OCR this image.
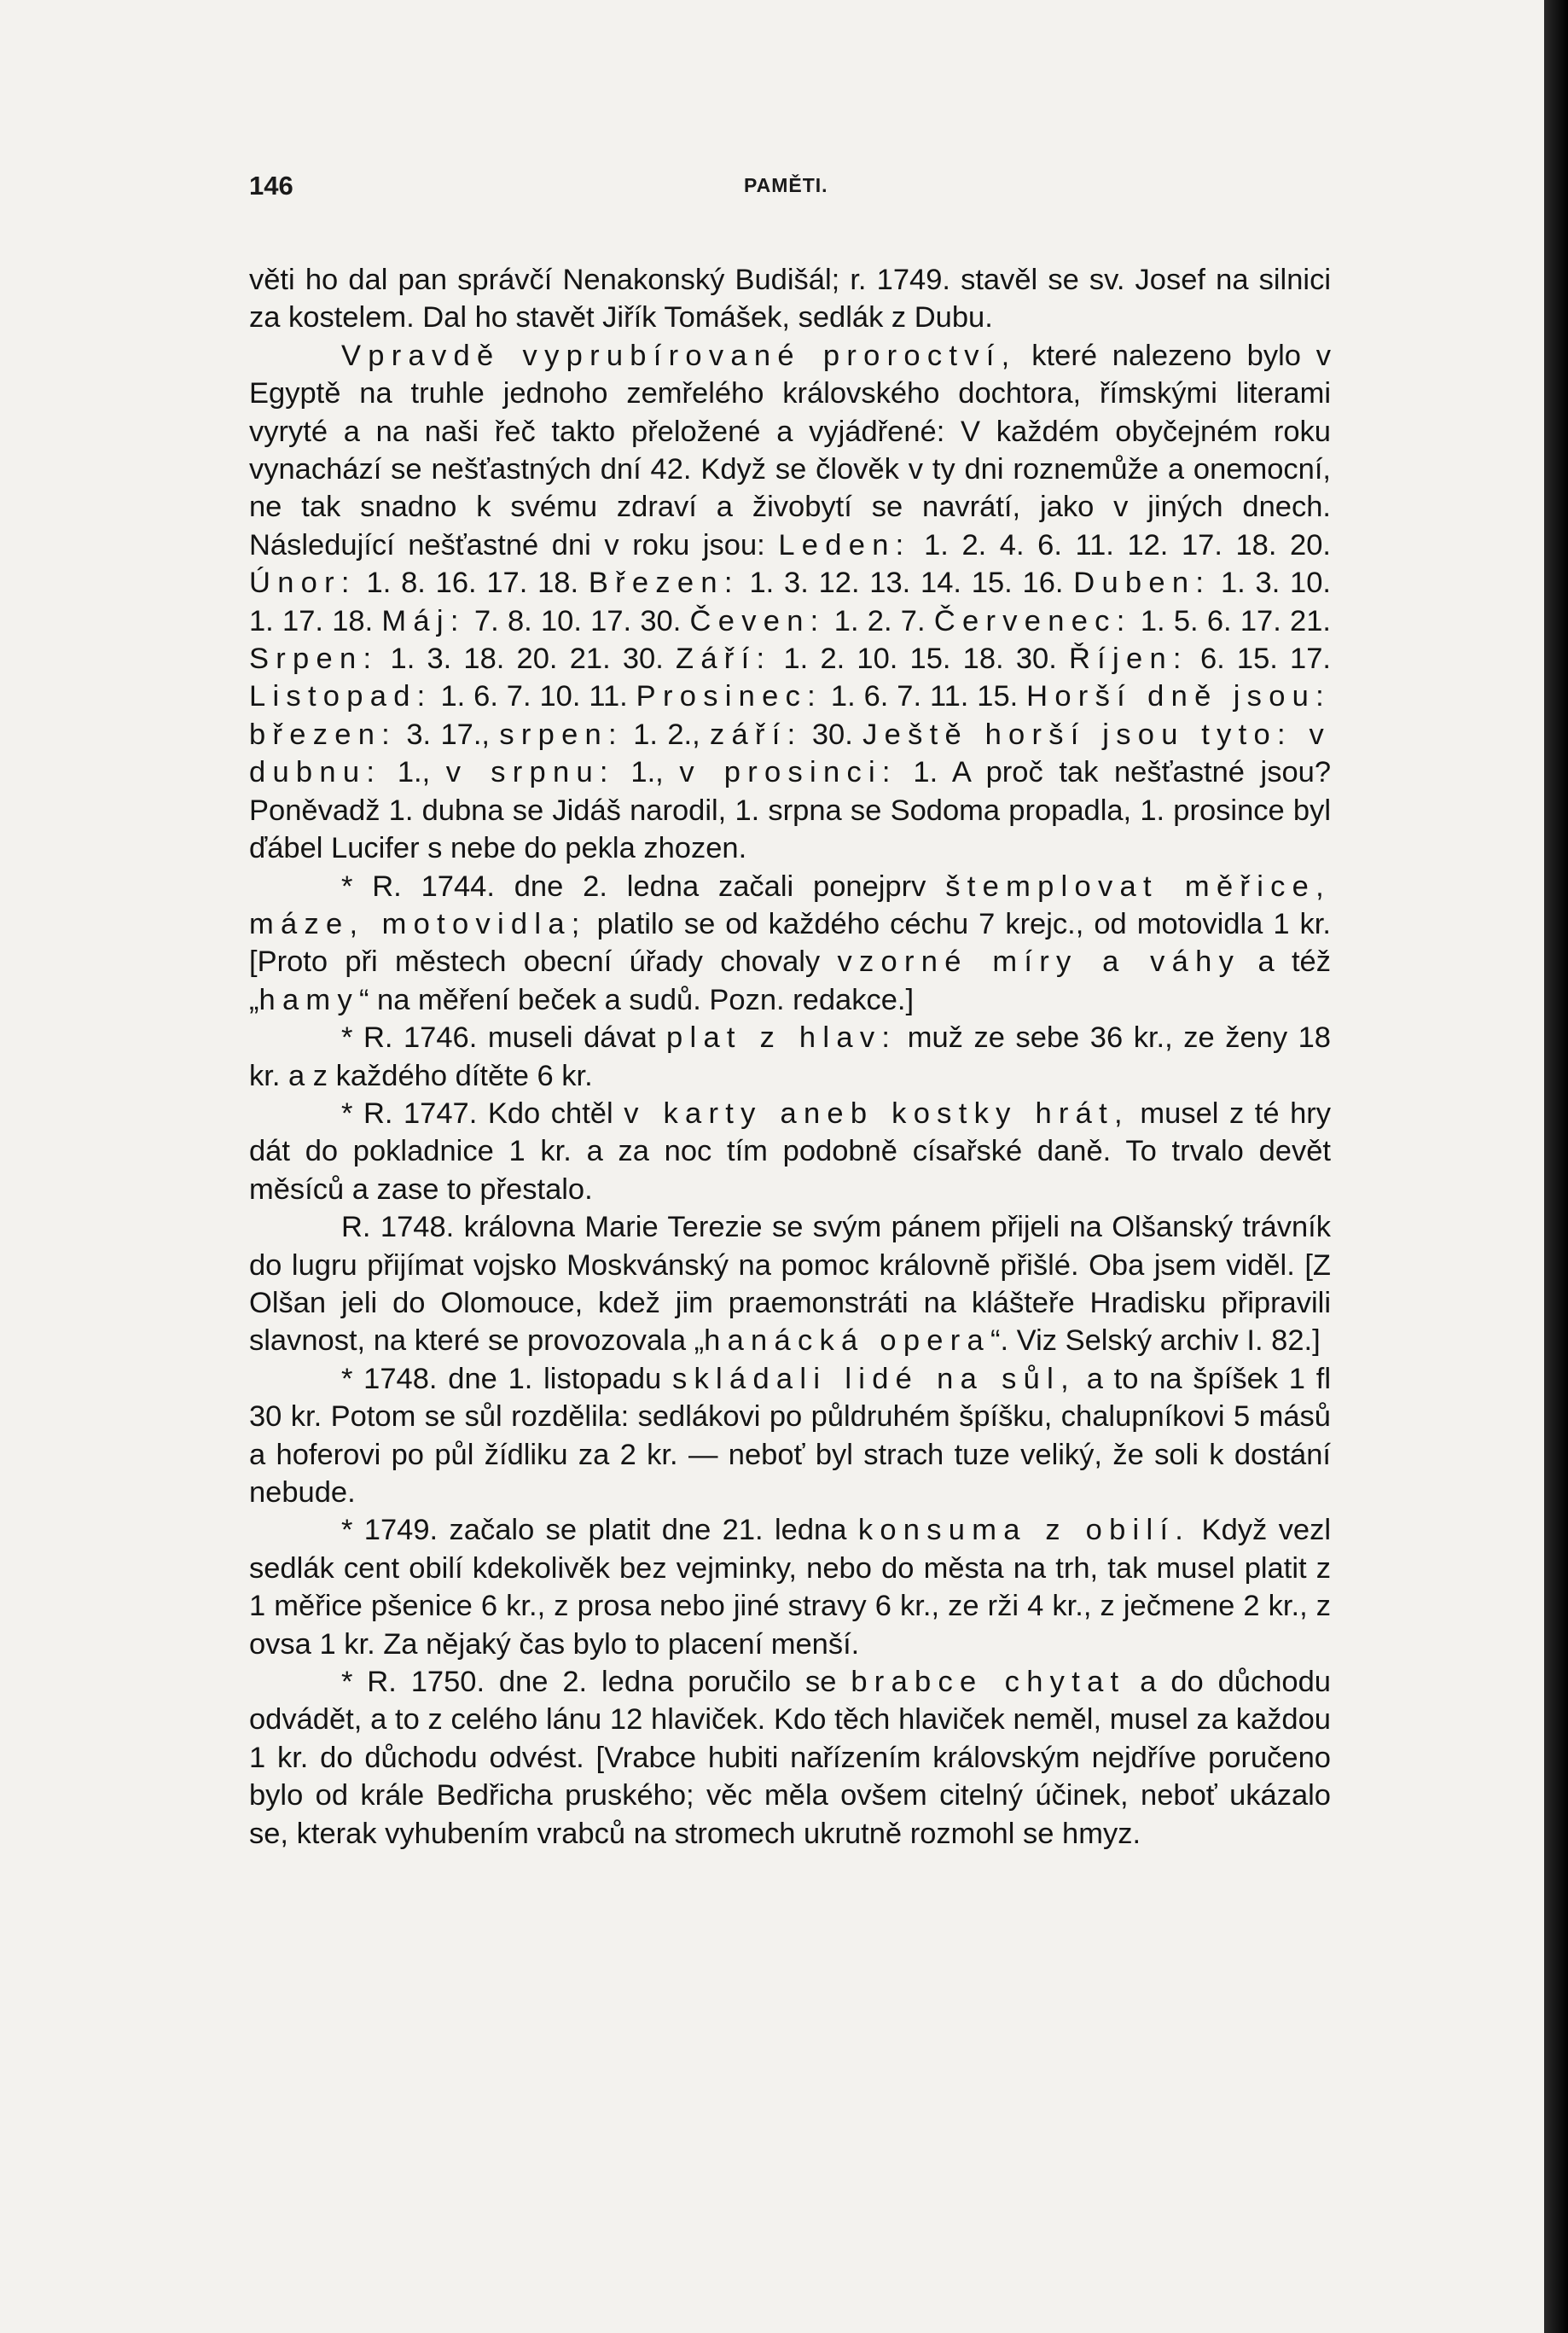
146	PAMĚTI.

věti ho dal pan správčí Nenakonský Budišál; r. 1749. stavěl se sv. Josef na silnici za kostelem. Dal ho stavět Jiřík Tomášek, sedlák z Dubu.

Vpravdě vyprubírované proroctví, které nalezeno bylo v Egyptě na truhle jednoho zemřelého královského dochtora, římskými literami vyryté a na naši řeč takto přeložené a vyjádřené: V každém obyčejném roku vynachází se nešťastných dní 42. Když se člověk v ty dni roznemůže a onemocní, ne tak snadno k svému zdraví a živobytí se navrátí, jako v jiných dnech. Následující nešťastné dni v roku jsou: Leden: 1. 2. 4. 6. 11. 12. 17. 18. 20. Únor: 1. 8. 16. 17. 18. Březen: 1. 3. 12. 13. 14. 15. 16. Duben: 1. 3. 10. 1. 17. 18. Máj: 7. 8. 10. 17. 30. Čeven: 1. 2. 7. Červenec: 1. 5. 6. 17. 21. Srpen: 1. 3. 18. 20. 21. 30. Září: 1. 2. 10. 15. 18. 30. Říjen: 6. 15. 17. Listopad: 1. 6. 7. 10. 11. Prosinec: 1. 6. 7. 11. 15. Horší dně jsou: březen: 3. 17., srpen: 1. 2., září: 30. Ještě horší jsou tyto: v dubnu: 1., v srpnu: 1., v prosinci: 1. A proč tak nešťastné jsou? Poněvadž 1. dubna se Jidáš narodil, 1. srpna se Sodoma propadla, 1. prosince byl ďábel Lucifer s nebe do pekla zhozen.

* R. 1744. dne 2. ledna začali ponejprv štemplovat měřice, máze, motovidla; platilo se od každého céchu 7 krejc., od motovidla 1 kr. [Proto při městech obecní úřady chovaly vzorné míry a váhy a též „hamy“ na měření beček a sudů. Pozn. redakce.]

* R. 1746. museli dávat plat z hlav: muž ze sebe 36 kr., ze ženy 18 kr. a z každého dítěte 6 kr.

* R. 1747. Kdo chtěl v karty aneb kostky hrát, musel z té hry dát do pokladnice 1 kr. a za noc tím podobně císařské daně. To trvalo devět měsíců a zase to přestalo.

R. 1748. královna Marie Terezie se svým pánem přijeli na Olšanský trávník do lugru přijímat vojsko Moskvánský na pomoc královně přišlé. Oba jsem viděl. [Z Olšan jeli do Olomouce, kdež jim praemonstráti na klášteře Hradisku připravili slavnost, na které se provozovala „hanácká opera“. Viz Selský archiv I. 82.]

* 1748. dne 1. listopadu skládali lidé na sůl, a to na špíšek 1 fl 30 kr. Potom se sůl rozdělila: sedlákovi po půldruhém špíšku, chalupníkovi 5 másů a hoferovi po půl žídliku za 2 kr. — neboť byl strach tuze veliký, že soli k dostání nebude.

* 1749. začalo se platit dne 21. ledna konsuma z obilí. Když vezl sedlák cent obilí kdekolivěk bez vejminky, nebo do města na trh, tak musel platit z 1 měřice pšenice 6 kr., z prosa nebo jiné stravy 6 kr., ze rži 4 kr., z ječmene 2 kr., z ovsa 1 kr. Za nějaký čas bylo to placení menší.

* R. 1750. dne 2. ledna poručilo se brabce chytat a do důchodu odvádět, a to z celého lánu 12 hlaviček. Kdo těch hlaviček neměl, musel za každou 1 kr. do důchodu odvést. [Vrabce hubiti nařízením královským nejdříve poručeno bylo od krále Bedřicha pruského; věc měla ovšem citelný účinek, neboť ukázalo se, kterak vyhubením vrabců na stromech ukrutně rozmohl se hmyz.
